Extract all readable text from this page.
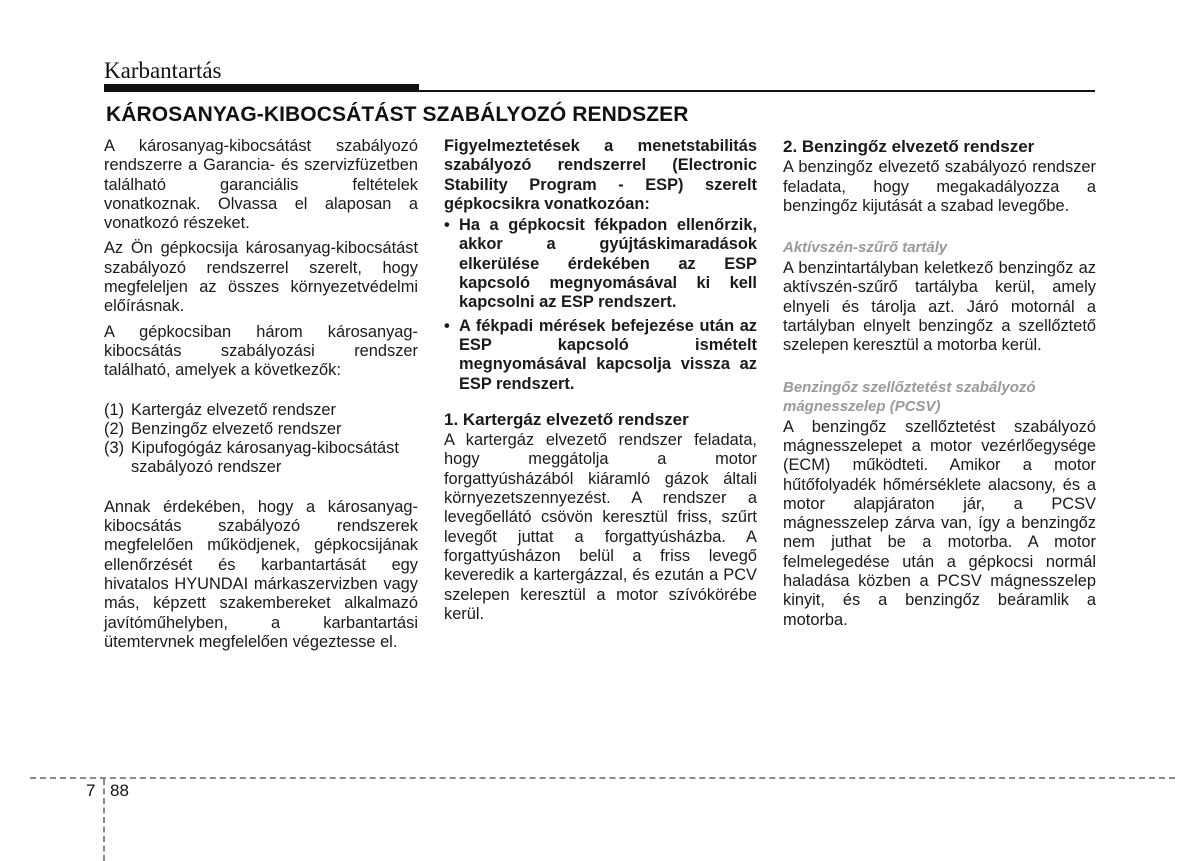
Karbantartás
KÁROSANYAG-KIBOCSÁTÁST SZABÁLYOZÓ RENDSZER

A károsanyag-kibocsátást szabályozó rendszerre a Garancia- és szervizfüzetben található garanciális feltételek vonatkoznak. Olvassa el alaposan a vonatkozó részeket.

Az Ön gépkocsija károsanyag-kibocsátást szabályozó rendszerrel szerelt, hogy megfeleljen az összes környezetvédelmi előírásnak.

A gépkocsiban három károsanyag-kibocsátás szabályozási rendszer található, amelyek a következők:

(1) Kartergáz elvezető rendszer
(2) Benzingőz elvezető rendszer
(3) Kipufogógáz károsanyag-kibocsátást szabályozó rendszer

Annak érdekében, hogy a károsanyag-kibocsátás szabályozó rendszerek megfelelően működjenek, gépkocsijának ellenőrzését és karbantartását egy hivatalos HYUNDAI márkaszervizben vagy más, képzett szakembereket alkalmazó javítóműhelyben, a karbantartási ütemtervnek megfelelően végeztesse el.

Figyelmeztetések a menetstabilitás szabályozó rendszerrel (Electronic Stability Program - ESP) szerelt gépkocsikra vonatkozóan:

• Ha a gépkocsit fékpadon ellenőrzik, akkor a gyújtáskimaradások elkerülése érdekében az ESP kapcsoló megnyomásával ki kell kapcsolni az ESP rendszert.
• A fékpadi mérések befejezése után az ESP kapcsoló ismételt megnyomásával kapcsolja vissza az ESP rendszert.
1. Kartergáz elvezető rendszer

A kartergáz elvezető rendszer feladata, hogy meggátolja a motor forgattyúsházából kiáramló gázok általi környezetszennyezést. A rendszer a levegőellátó csövön keresztül friss, szűrt levegőt juttat a forgattyúsházba. A forgattyúsházon belül a friss levegő keveredik a kartergázzal, és ezután a PCV szelepen keresztül a motor szívókörébe kerül.

2. Benzingőz elvezető rendszer

A benzingőz elvezető szabályozó rendszer feladata, hogy megakadályozza a benzingőz kijutását a szabad levegőbe.

Aktívszén-szűrő tartály

A benzintartályban keletkező benzingőz az aktívszén-szűrő tartályba kerül, amely elnyeli és tárolja azt. Járó motornál a tartályban elnyelt benzingőz a szellőztető szelepen keresztül a motorba kerül.

Benzingőz szellőztetést szabályozó mágnesszelep (PCSV)

A benzingőz szellőztetést szabályozó mágnesszelepet a motor vezérlőegysége (ECM) működteti. Amikor a motor hűtőfolyadék hőmérséklete alacsony, és a motor alapjáraton jár, a PCSV mágnesszelep zárva van, így a benzingőz nem juthat be a motorba. A motor felmelegedése után a gépkocsi normál haladása közben a PCSV mágnesszelep kinyit, és a benzingőz beáramlik a motorba.

7 88
